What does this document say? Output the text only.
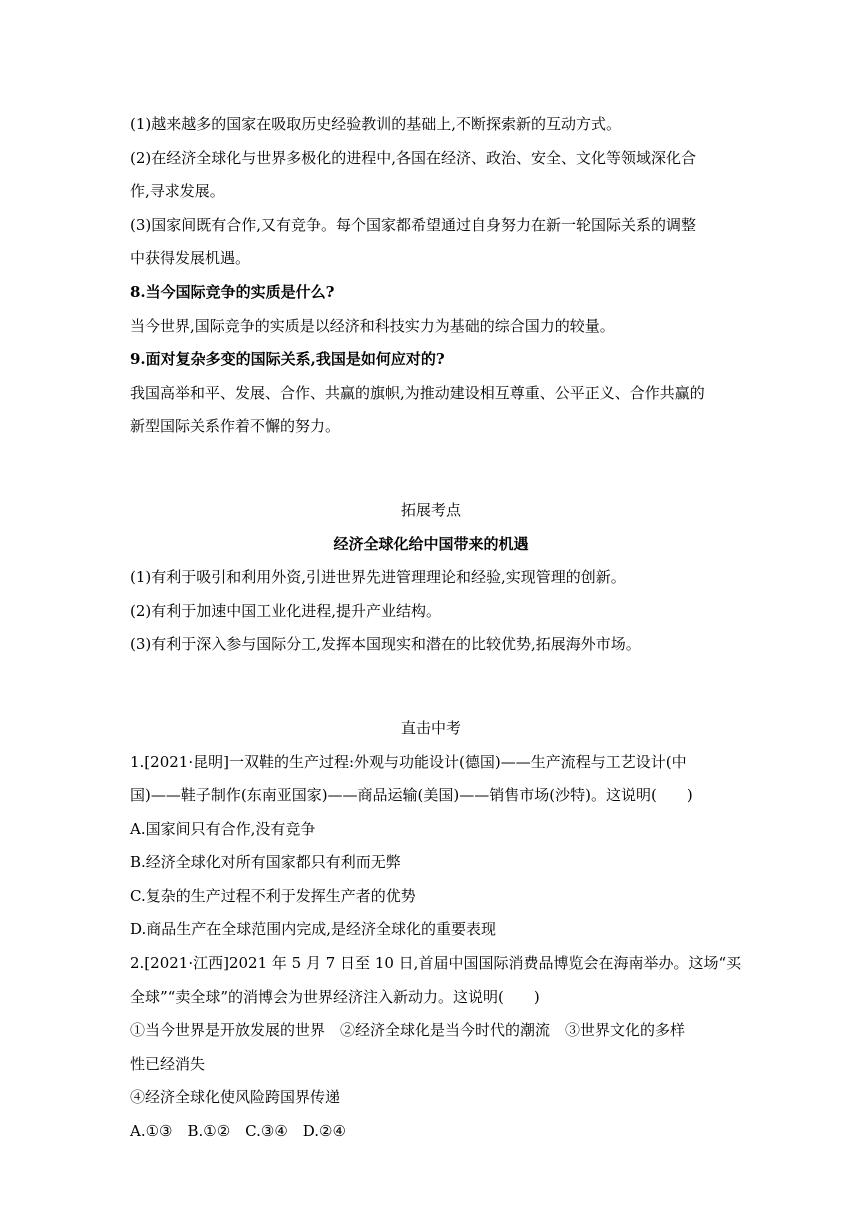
(1)越来越多的国家在吸取历史经验教训的基础上,不断探索新的互动方式。
(2)在经济全球化与世界多极化的进程中,各国在经济、政治、安全、文化等领域深化合
作,寻求发展。
(3)国家间既有合作,又有竞争。每个国家都希望通过自身努力在新一轮国际关系的调整
中获得发展机遇。
8.当今国际竞争的实质是什么?
当今世界,国际竞争的实质是以经济和科技实力为基础的综合国力的较量。
9.面对复杂多变的国际关系,我国是如何应对的?
我国高举和平、发展、合作、共赢的旗帜,为推动建设相互尊重、公平正义、合作共赢的
新型国际关系作着不懈的努力。
拓展考点
经济全球化给中国带来的机遇
(1)有利于吸引和利用外资,引进世界先进管理理论和经验,实现管理的创新。
(2)有利于加速中国工业化进程,提升产业结构。
(3)有利于深入参与国际分工,发挥本国现实和潜在的比较优势,拓展海外市场。
直击中考
1.[2021·昆明]一双鞋的生产过程:外观与功能设计(德国)——生产流程与工艺设计(中
国)——鞋子制作(东南亚国家)——商品运输(美国)——销售市场(沙特)。这说明( )
A.国家间只有合作,没有竞争
B.经济全球化对所有国家都只有利而无弊
C.复杂的生产过程不利于发挥生产者的优势
D.商品生产在全球范围内完成,是经济全球化的重要表现
2.[2021·江西]2021 年 5 月 7 日至 10 日,首届中国国际消费品博览会在海南举办。这场“买
全球”“卖全球”的消博会为世界经济注入新动力。这说明( )
①当今世界是开放发展的世界　②经济全球化是当今时代的潮流　③世界文化的多样
性已经消失
④经济全球化使风险跨国界传递
A.①③　B.①②　C.③④　D.②④
